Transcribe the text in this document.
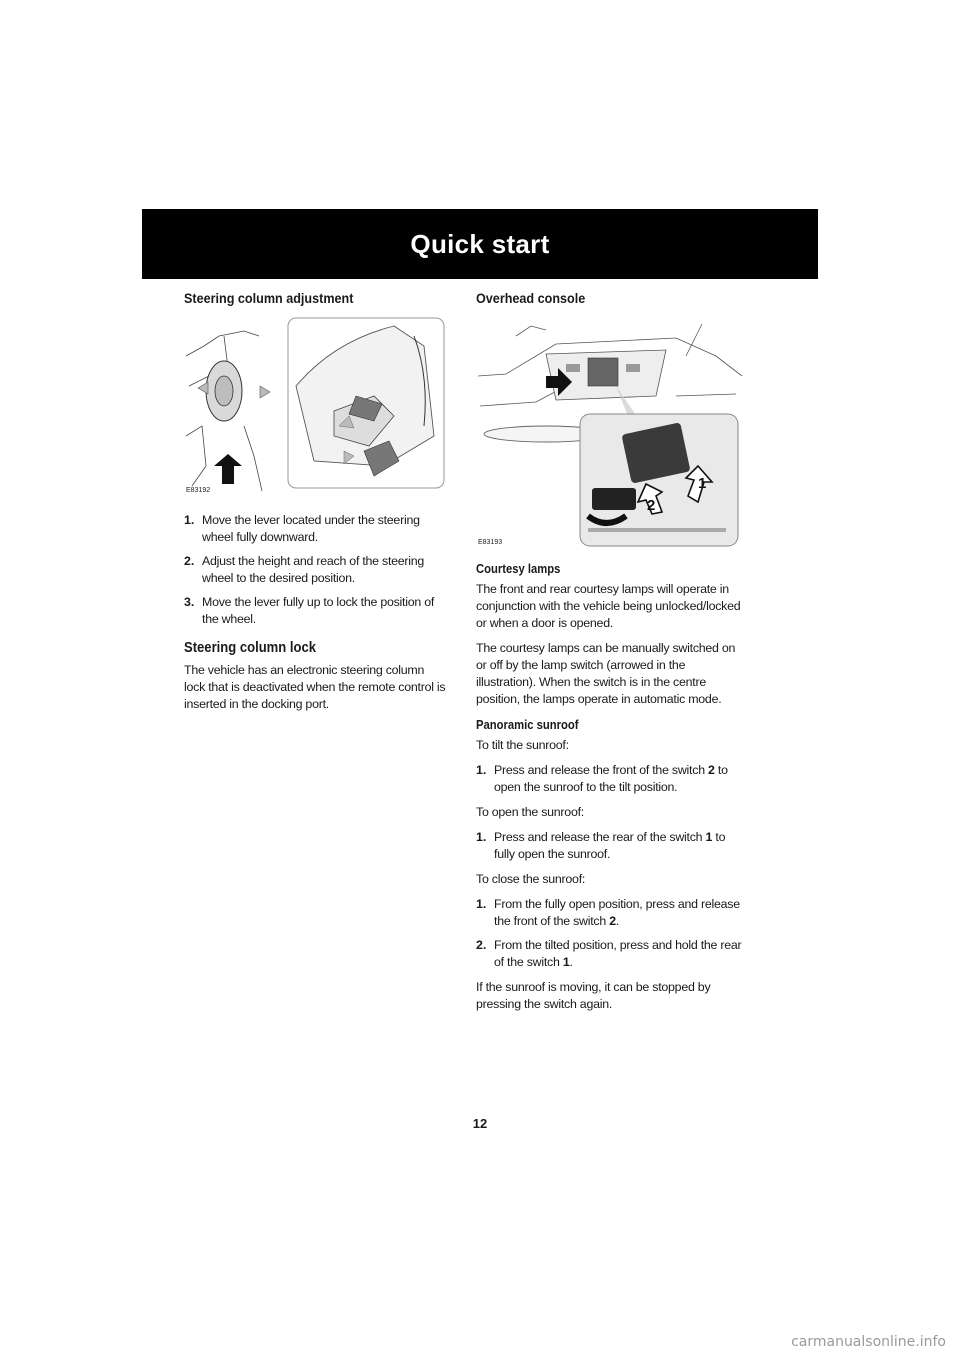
Quick start
Steering column adjustment
E83192
1. Move the lever located under the steering wheel fully downward.
2. Adjust the height and reach of the steering wheel to the desired position.
3. Move the lever fully up to lock the position of the wheel.
Steering column lock

The vehicle has an electronic steering column lock that is deactivated when the remote control is inserted in the docking port.

Overhead console
1
2
E83193
Courtesy lamps

The front and rear courtesy lamps will operate in conjunction with the vehicle being unlocked/locked or when a door is opened.

The courtesy lamps can be manually switched on or off by the lamp switch (arrowed in the illustration). When the switch is in the centre position, the lamps operate in automatic mode.

Panoramic sunroof

To tilt the sunroof:

1. Press and release the front of the switch 2 to open the sunroof to the tilt position.

To open the sunroof:

1. Press and release the rear of the switch 1 to fully open the sunroof.

To close the sunroof:

1. From the fully open position, press and release the front of the switch 2.
2. From the tilted position, press and hold the rear of the switch 1.

If the sunroof is moving, it can be stopped by pressing the switch again.

12
carmanualsonline.info
